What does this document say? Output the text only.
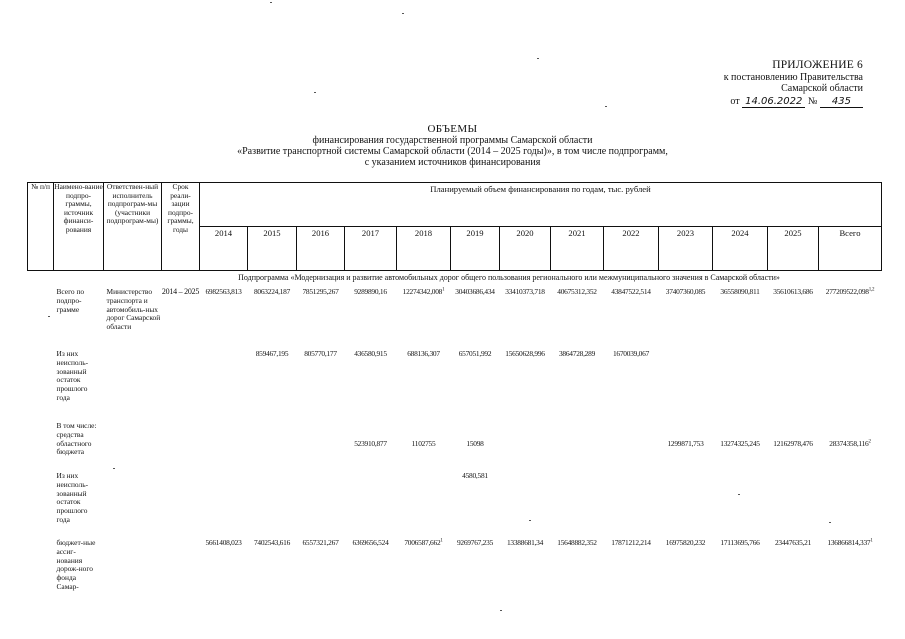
ПРИЛОЖЕНИЕ 6
к постановлению Правительства
Самарской области
от 14.06.2022 № 435
ОБЪЕМЫ
финансирования государственной программы Самарской области
«Развитие транспортной системы Самарской области (2014 – 2025 годы)», в том числе подпрограмм,
с указанием источников финансирования
№ п/п	Наимено-вание подпро-граммы, источник финанси-рования	Ответствен-ный исполнитель подпрограм-мы (участники подпрограм-мы)	Срок реали-зации подпро-граммы, годы	Планируемый объем финансирования по годам, тыс. рублей												
				2014	2015	2016	2017	2018	2019	2020	2021	2022	2023	2024	2025	Всего
				Подпрограмма «Модернизация и развитие автомобильных дорог общего пользования регионального или межмуниципального значения в Самарской области»												
	Всего по подпро-грамме	Министерство транспорта и автомобиль-ных дорог Самарской области	2014 – 2025	6982563,813	8063224,187	7851295,267	9289890,16	12274342,008$^1$	30403686,434	33410373,718	40675312,352	43847522,514	37407360,085	36558090,811	35610613,686	277209522,098$^{1,2}$
	Из них неисполь-зованный остаток прошлого года				859467,195	805770,177	436580,915	688136,307	657051,992	15650628,996	3864728,289	1670039,067				
	В том числе: средства областного бюджета						523910,877	1102755	15098				1299871,753	13274325,245	12162978,476	28374358,116$^2$
	Из них неисполь-зованный остаток прошлого года								4580,581							
	бюджет-ные ассиг-нования дорож-ного фонда Самар-			5661408,023	7402543,616	6557321,267	6369656,524	7006587,662$^1$	9269767,235	13388681,34	15648882,352	17871212,214	16975820,232	17113695,766	23447635,21	136866814,337$^1$
